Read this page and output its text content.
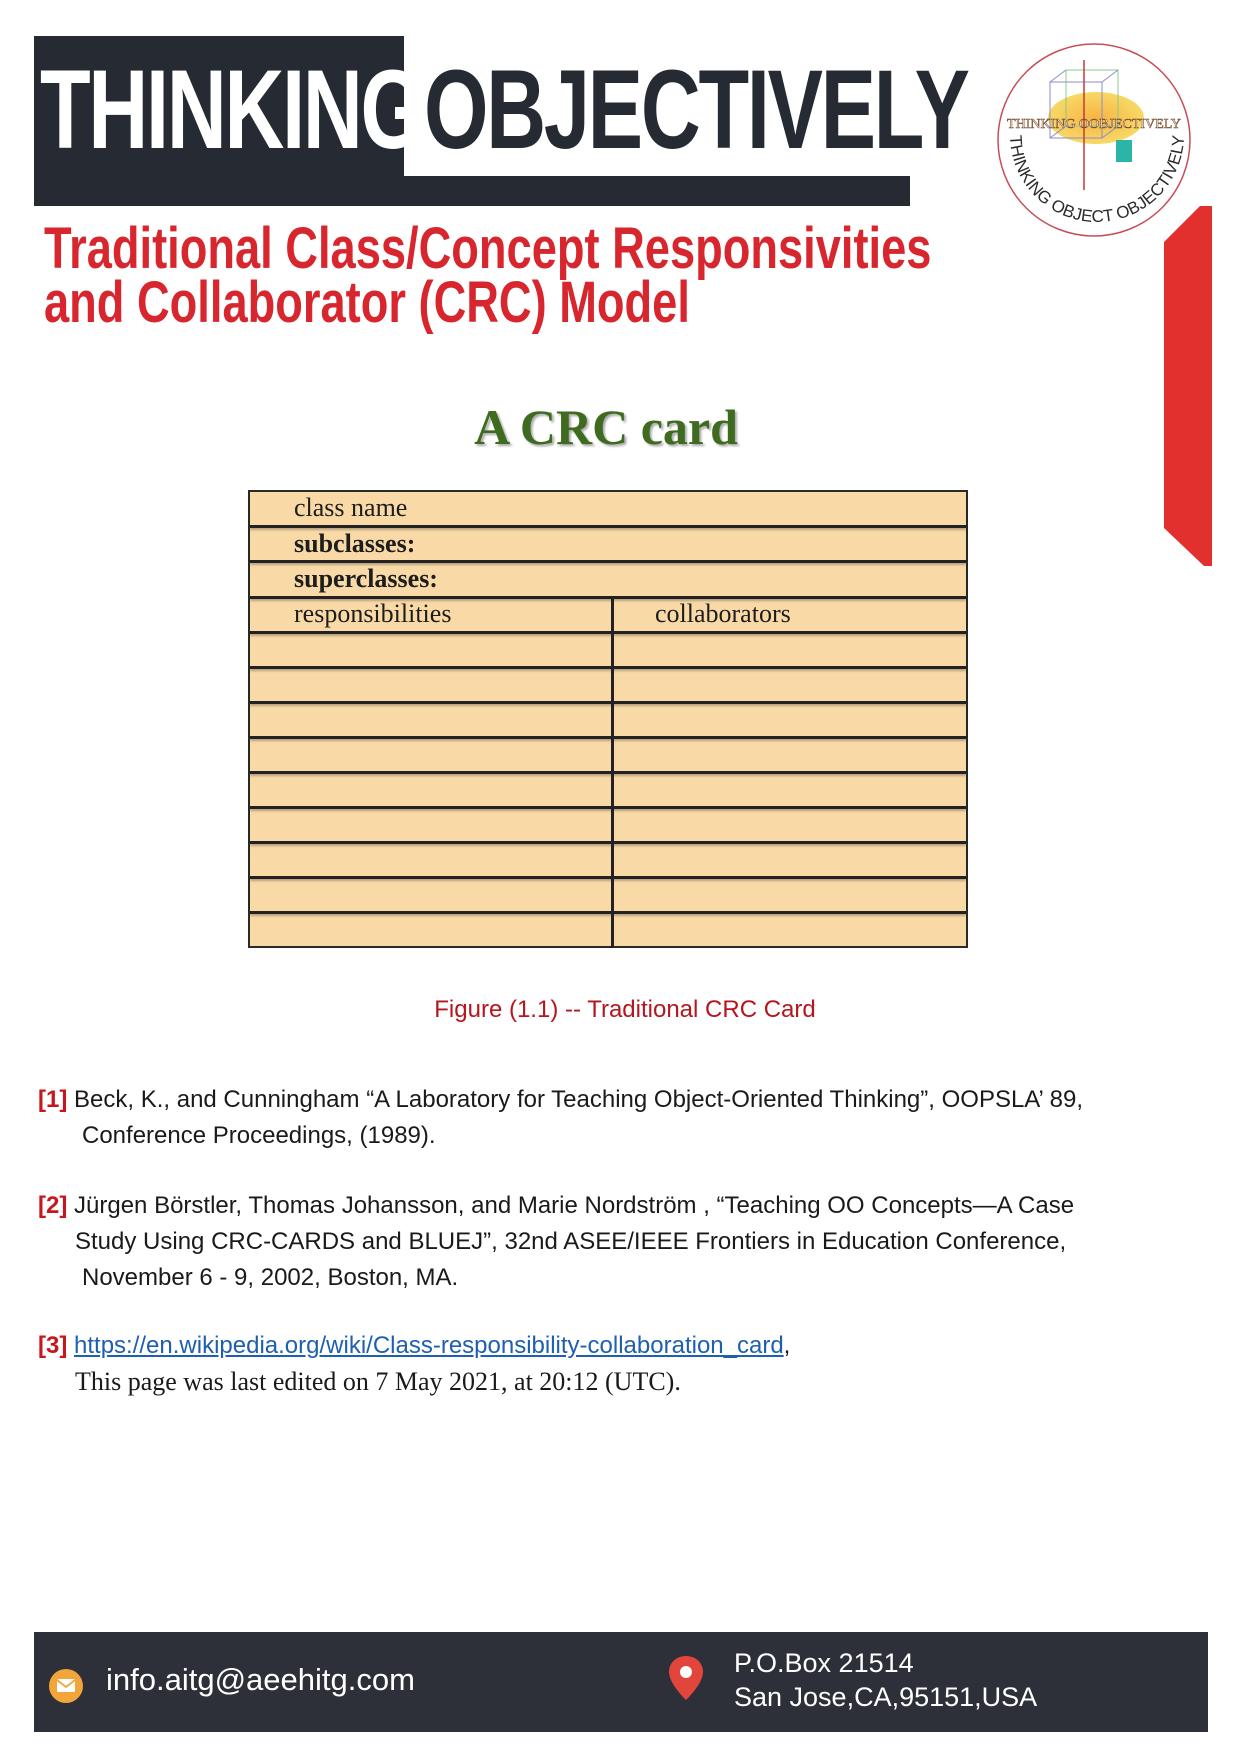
THINKING OBJECTIVELY	THINKING OOBJECTIVELY
THINKING OBJECT OBJECTIVELY
Traditional Class/Concept Responsivities
and Collaborator (CRC) Model
A CRC card
class name
subclasses:
superclasses:
responsibilities	collaborators
Figure (1.1) -- Traditional CRC Card
[1] Beck, K., and Cunningham “A Laboratory for Teaching Object-Oriented Thinking”, OOPSLA’ 89,
Conference Proceedings, (1989).
[2] Jürgen Börstler, Thomas Johansson, and Marie Nordström , “Teaching OO Concepts—A Case
Study Using CRC-CARDS and BLUEJ”, 32nd ASEE/IEEE Frontiers in Education Conference,
November 6 - 9, 2002, Boston, MA.
[3] https://en.wikipedia.org/wiki/Class-responsibility-collaboration_card,
This page was last edited on 7 May 2021, at 20:12 (UTC).
info.aitg@aeehitg.com	P.O.Box 21514
San Jose,CA,95151,USA
